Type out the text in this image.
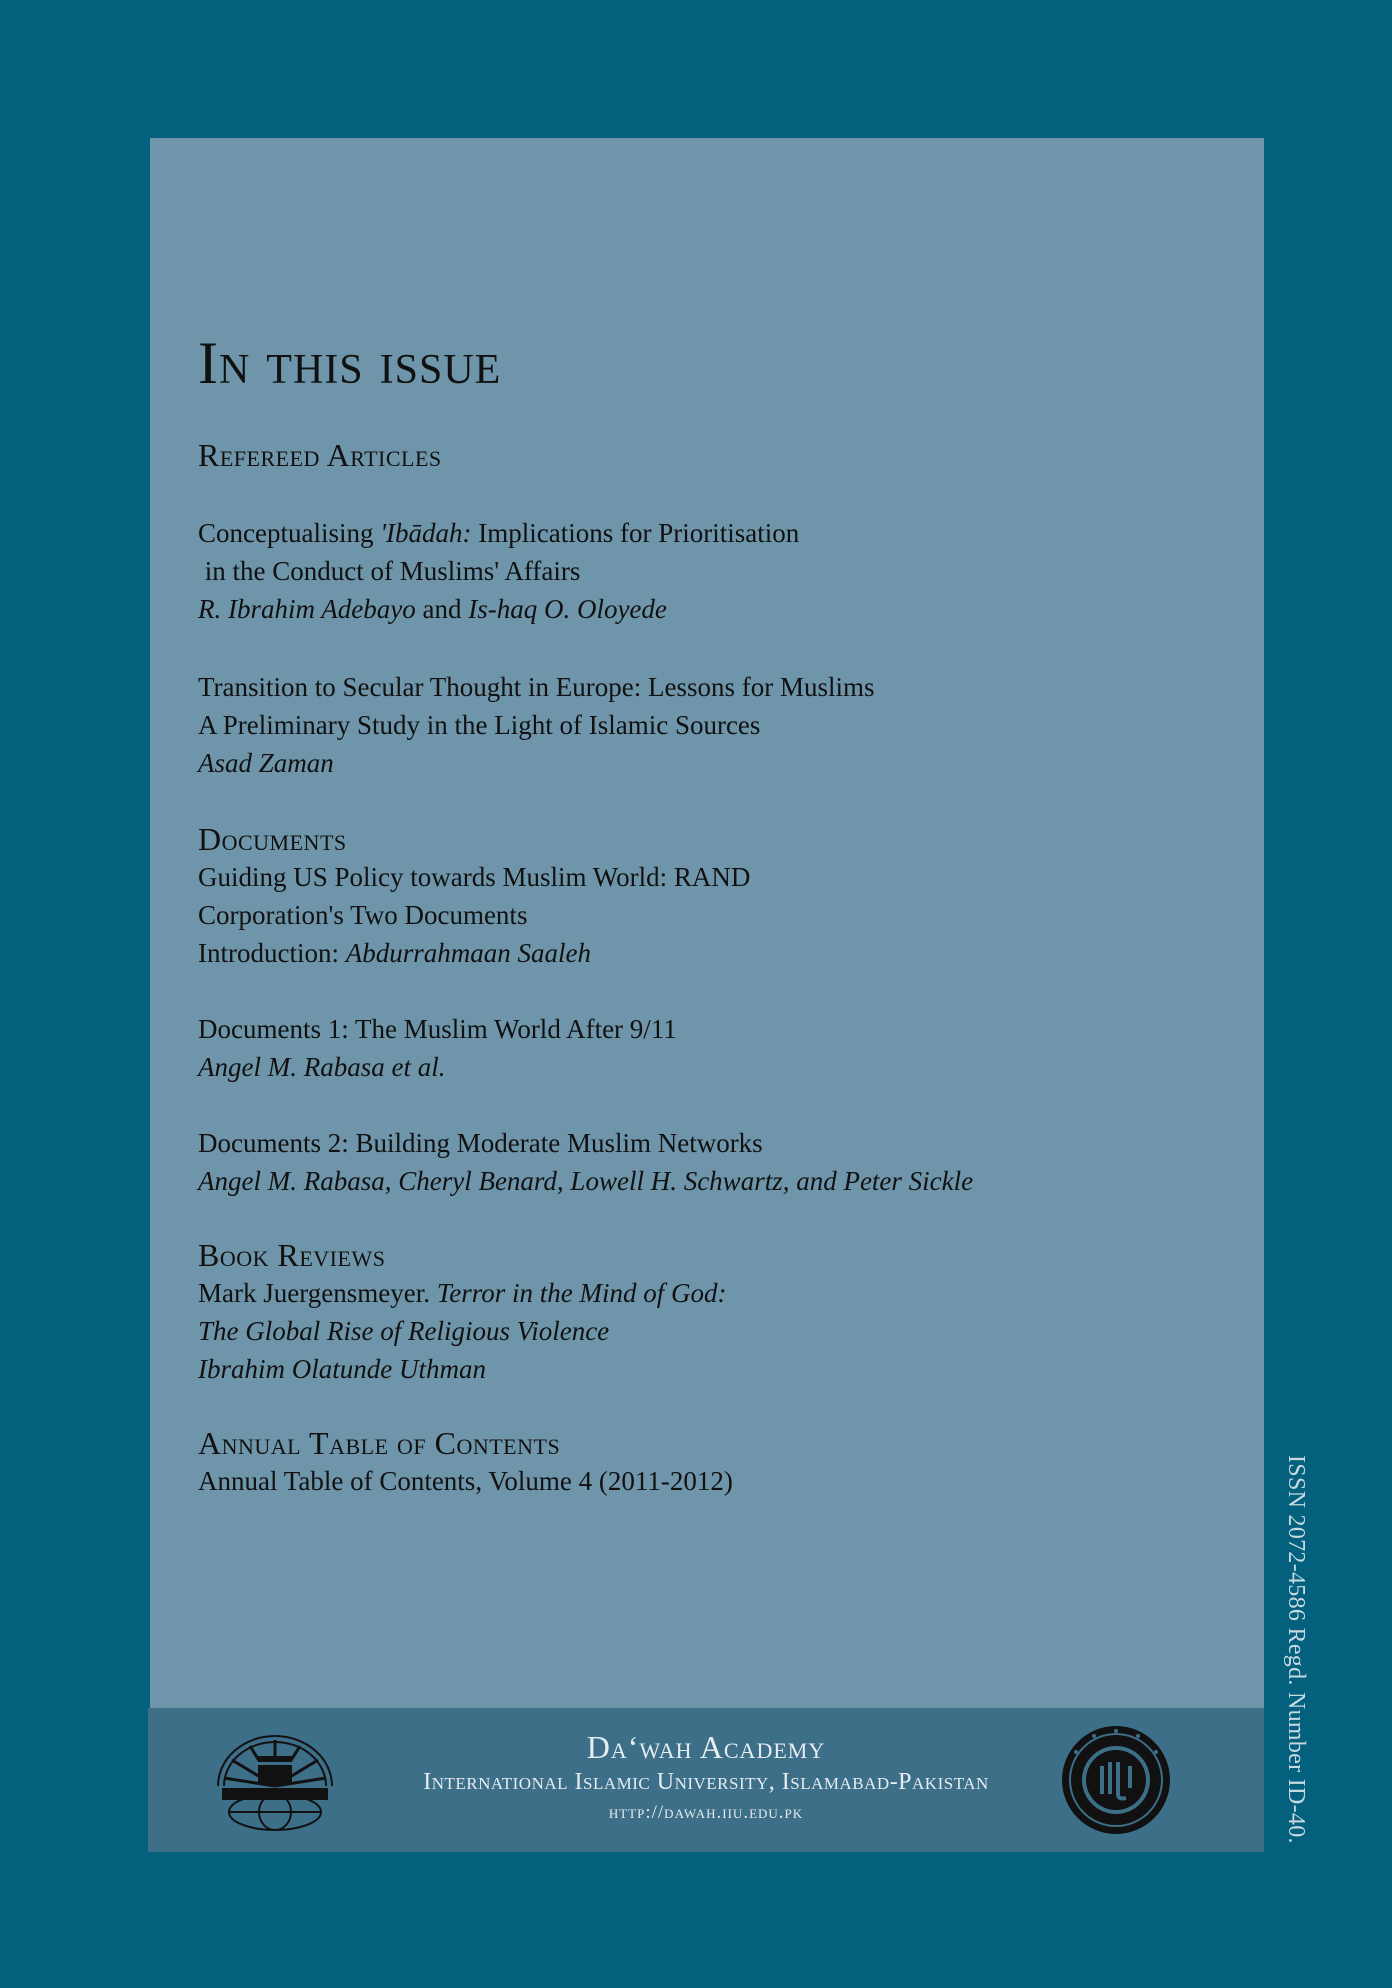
In this issue
Refereed Articles

Conceptualising 'Ibādah: Implications for Prioritisation

in the Conduct of Muslims' Affairs

R. Ibrahim Adebayo and Is-haq O. Oloyede

Transition to Secular Thought in Europe: Lessons for Muslims

A Preliminary Study in the Light of Islamic Sources

Asad Zaman

Documents

Guiding US Policy towards Muslim World: RAND

Corporation's Two Documents

Introduction: Abdurrahmaan Saaleh

Documents 1: The Muslim World After 9/11

Angel M. Rabasa et al.

Documents 2: Building Moderate Muslim Networks

Angel M. Rabasa, Cheryl Benard, Lowell H. Schwartz, and Peter Sickle

Book Reviews

Mark Juergensmeyer. Terror in the Mind of God:

The Global Rise of Religious Violence

Ibrahim Olatunde Uthman

Annual Table of Contents

Annual Table of Contents, Volume 4 (2011-2012)

Da‘wah Academy
International Islamic University, Islamabad-Pakistan
http://dawah.iiu.edu.pk	ISSN 2072-4586 Regd. Number ID-40.
